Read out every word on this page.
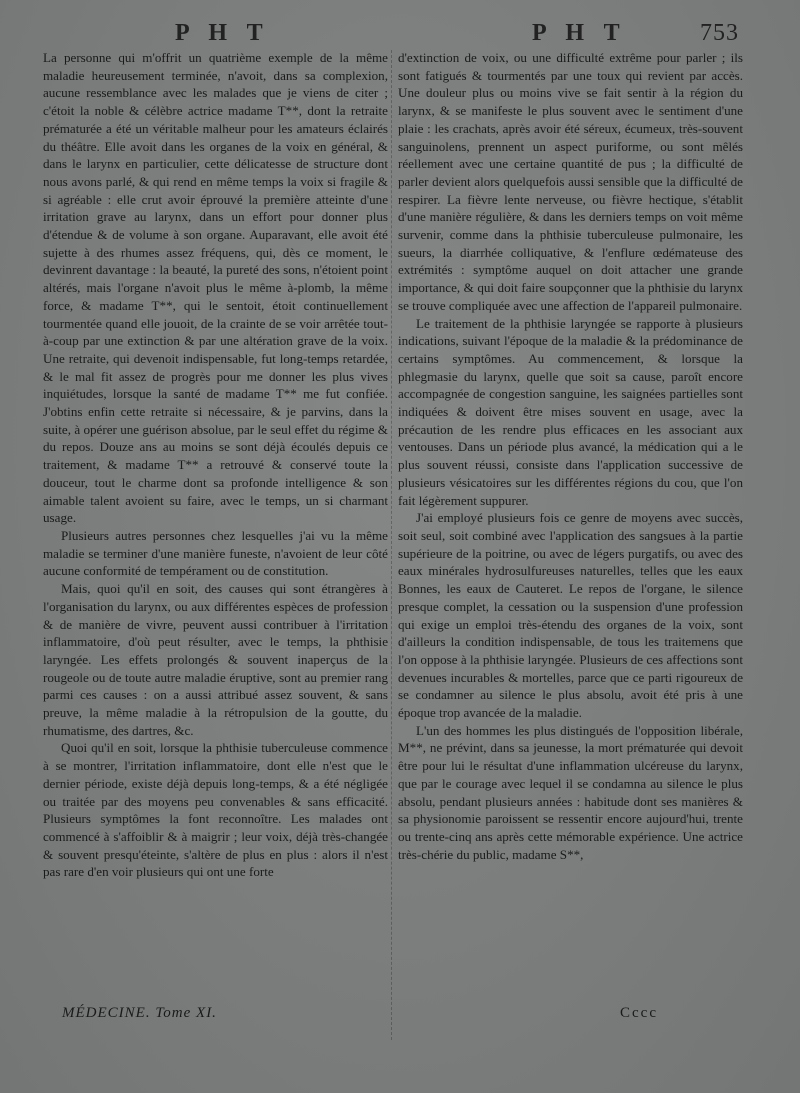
P H T	P H T	753

La personne qui m'offrit un quatrième exemple de la même maladie heureusement terminée, n'avoit, dans sa complexion, aucune ressemblance avec les malades que je viens de citer ; c'étoit la noble & célèbre actrice madame T**, dont la retraite prématurée a été un véritable malheur pour les amateurs éclairés du théâtre. Elle avoit dans les organes de la voix en général, & dans le larynx en particulier, cette délicatesse de structure dont nous avons parlé, & qui rend en même temps la voix si fragile & si agréable : elle crut avoir éprouvé la première atteinte d'une irritation grave au larynx, dans un effort pour donner plus d'étendue & de volume à son organe. Auparavant, elle avoit été sujette à des rhumes assez fréquens, qui, dès ce moment, le devinrent davantage : la beauté, la pureté des sons, n'étoient point altérés, mais l'organe n'avoit plus le même à-plomb, la même force, & madame T**, qui le sentoit, étoit continuellement tourmentée quand elle jouoit, de la crainte de se voir arrêtée tout-à-coup par une extinction & par une altération grave de la voix. Une retraite, qui devenoit indispensable, fut long-temps retardée, & le mal fit assez de progrès pour me donner les plus vives inquiétudes, lorsque la santé de madame T** me fut confiée. J'obtins enfin cette retraite si nécessaire, & je parvins, dans la suite, à opérer une guérison absolue, par le seul effet du régime & du repos. Douze ans au moins se sont déjà écoulés depuis ce traitement, & madame T** a retrouvé & conservé toute la douceur, tout le charme dont sa profonde intelligence & son aimable talent avoient su faire, avec le temps, un si charmant usage.

Plusieurs autres personnes chez lesquelles j'ai vu la même maladie se terminer d'une manière funeste, n'avoient de leur côté aucune conformité de tempérament ou de constitution.

Mais, quoi qu'il en soit, des causes qui sont étrangères à l'organisation du larynx, ou aux différentes espèces de profession & de manière de vivre, peuvent aussi contribuer à l'irritation inflammatoire, d'où peut résulter, avec le temps, la phthisie laryngée. Les effets prolongés & souvent inaperçus de la rougeole ou de toute autre maladie éruptive, sont au premier rang parmi ces causes : on a aussi attribué assez souvent, & sans preuve, la même maladie à la rétropulsion de la goutte, du rhumatisme, des dartres, &c.

Quoi qu'il en soit, lorsque la phthisie tuberculeuse commence à se montrer, l'irritation inflammatoire, dont elle n'est que le dernier période, existe déjà depuis long-temps, & a été négligée ou traitée par des moyens peu convenables & sans efficacité. Plusieurs symptômes la font reconnoître. Les malades ont commencé à s'affoiblir & à maigrir ; leur voix, déjà très-changée & souvent presqu'éteinte, s'altère de plus en plus : alors il n'est pas rare d'en voir plusieurs qui ont une forte

d'extinction de voix, ou une difficulté extrême pour parler ; ils sont fatigués & tourmentés par une toux qui revient par accès. Une douleur plus ou moins vive se fait sentir à la région du larynx, & se manifeste le plus souvent avec le sentiment d'une plaie : les crachats, après avoir été séreux, écumeux, très-souvent sanguinolens, prennent un aspect puriforme, ou sont mêlés réellement avec une certaine quantité de pus ; la difficulté de parler devient alors quelquefois aussi sensible que la difficulté de respirer. La fièvre lente nerveuse, ou fièvre hectique, s'établit d'une manière régulière, & dans les derniers temps on voit même survenir, comme dans la phthisie tuberculeuse pulmonaire, les sueurs, la diarrhée colliquative, & l'enflure œdémateuse des extrémités : symptôme auquel on doit attacher une grande importance, & qui doit faire soupçonner que la phthisie du larynx se trouve compliquée avec une affection de l'appareil pulmonaire.

Le traitement de la phthisie laryngée se rapporte à plusieurs indications, suivant l'époque de la maladie & la prédominance de certains symptômes. Au commencement, & lorsque la phlegmasie du larynx, quelle que soit sa cause, paroît encore accompagnée de congestion sanguine, les saignées partielles sont indiquées & doivent être mises souvent en usage, avec la précaution de les rendre plus efficaces en les associant aux ventouses. Dans un période plus avancé, la médication qui a le plus souvent réussi, consiste dans l'application successive de plusieurs vésicatoires sur les différentes régions du cou, que l'on fait légèrement suppurer.

J'ai employé plusieurs fois ce genre de moyens avec succès, soit seul, soit combiné avec l'application des sangsues à la partie supérieure de la poitrine, ou avec de légers purgatifs, ou avec des eaux minérales hydrosulfureuses naturelles, telles que les eaux Bonnes, les eaux de Cauteret. Le repos de l'organe, le silence presque complet, la cessation ou la suspension d'une profession qui exige un emploi très-étendu des organes de la voix, sont d'ailleurs la condition indispensable, de tous les traitemens que l'on oppose à la phthisie laryngée. Plusieurs de ces affections sont devenues incurables & mortelles, parce que ce parti rigoureux de se condamner au silence le plus absolu, avoit été pris à une époque trop avancée de la maladie.

L'un des hommes les plus distingués de l'opposition libérale, M**, ne prévint, dans sa jeunesse, la mort prématurée qui devoit être pour lui le résultat d'une inflammation ulcéreuse du larynx, que par le courage avec lequel il se condamna au silence le plus absolu, pendant plusieurs années : habitude dont ses manières & sa physionomie paroissent se ressentir encore aujourd'hui, trente ou trente-cinq ans après cette mémorable expérience. Une actrice très-chérie du public, madame S**,

MÉDECINE. Tome XI.	Cccc
